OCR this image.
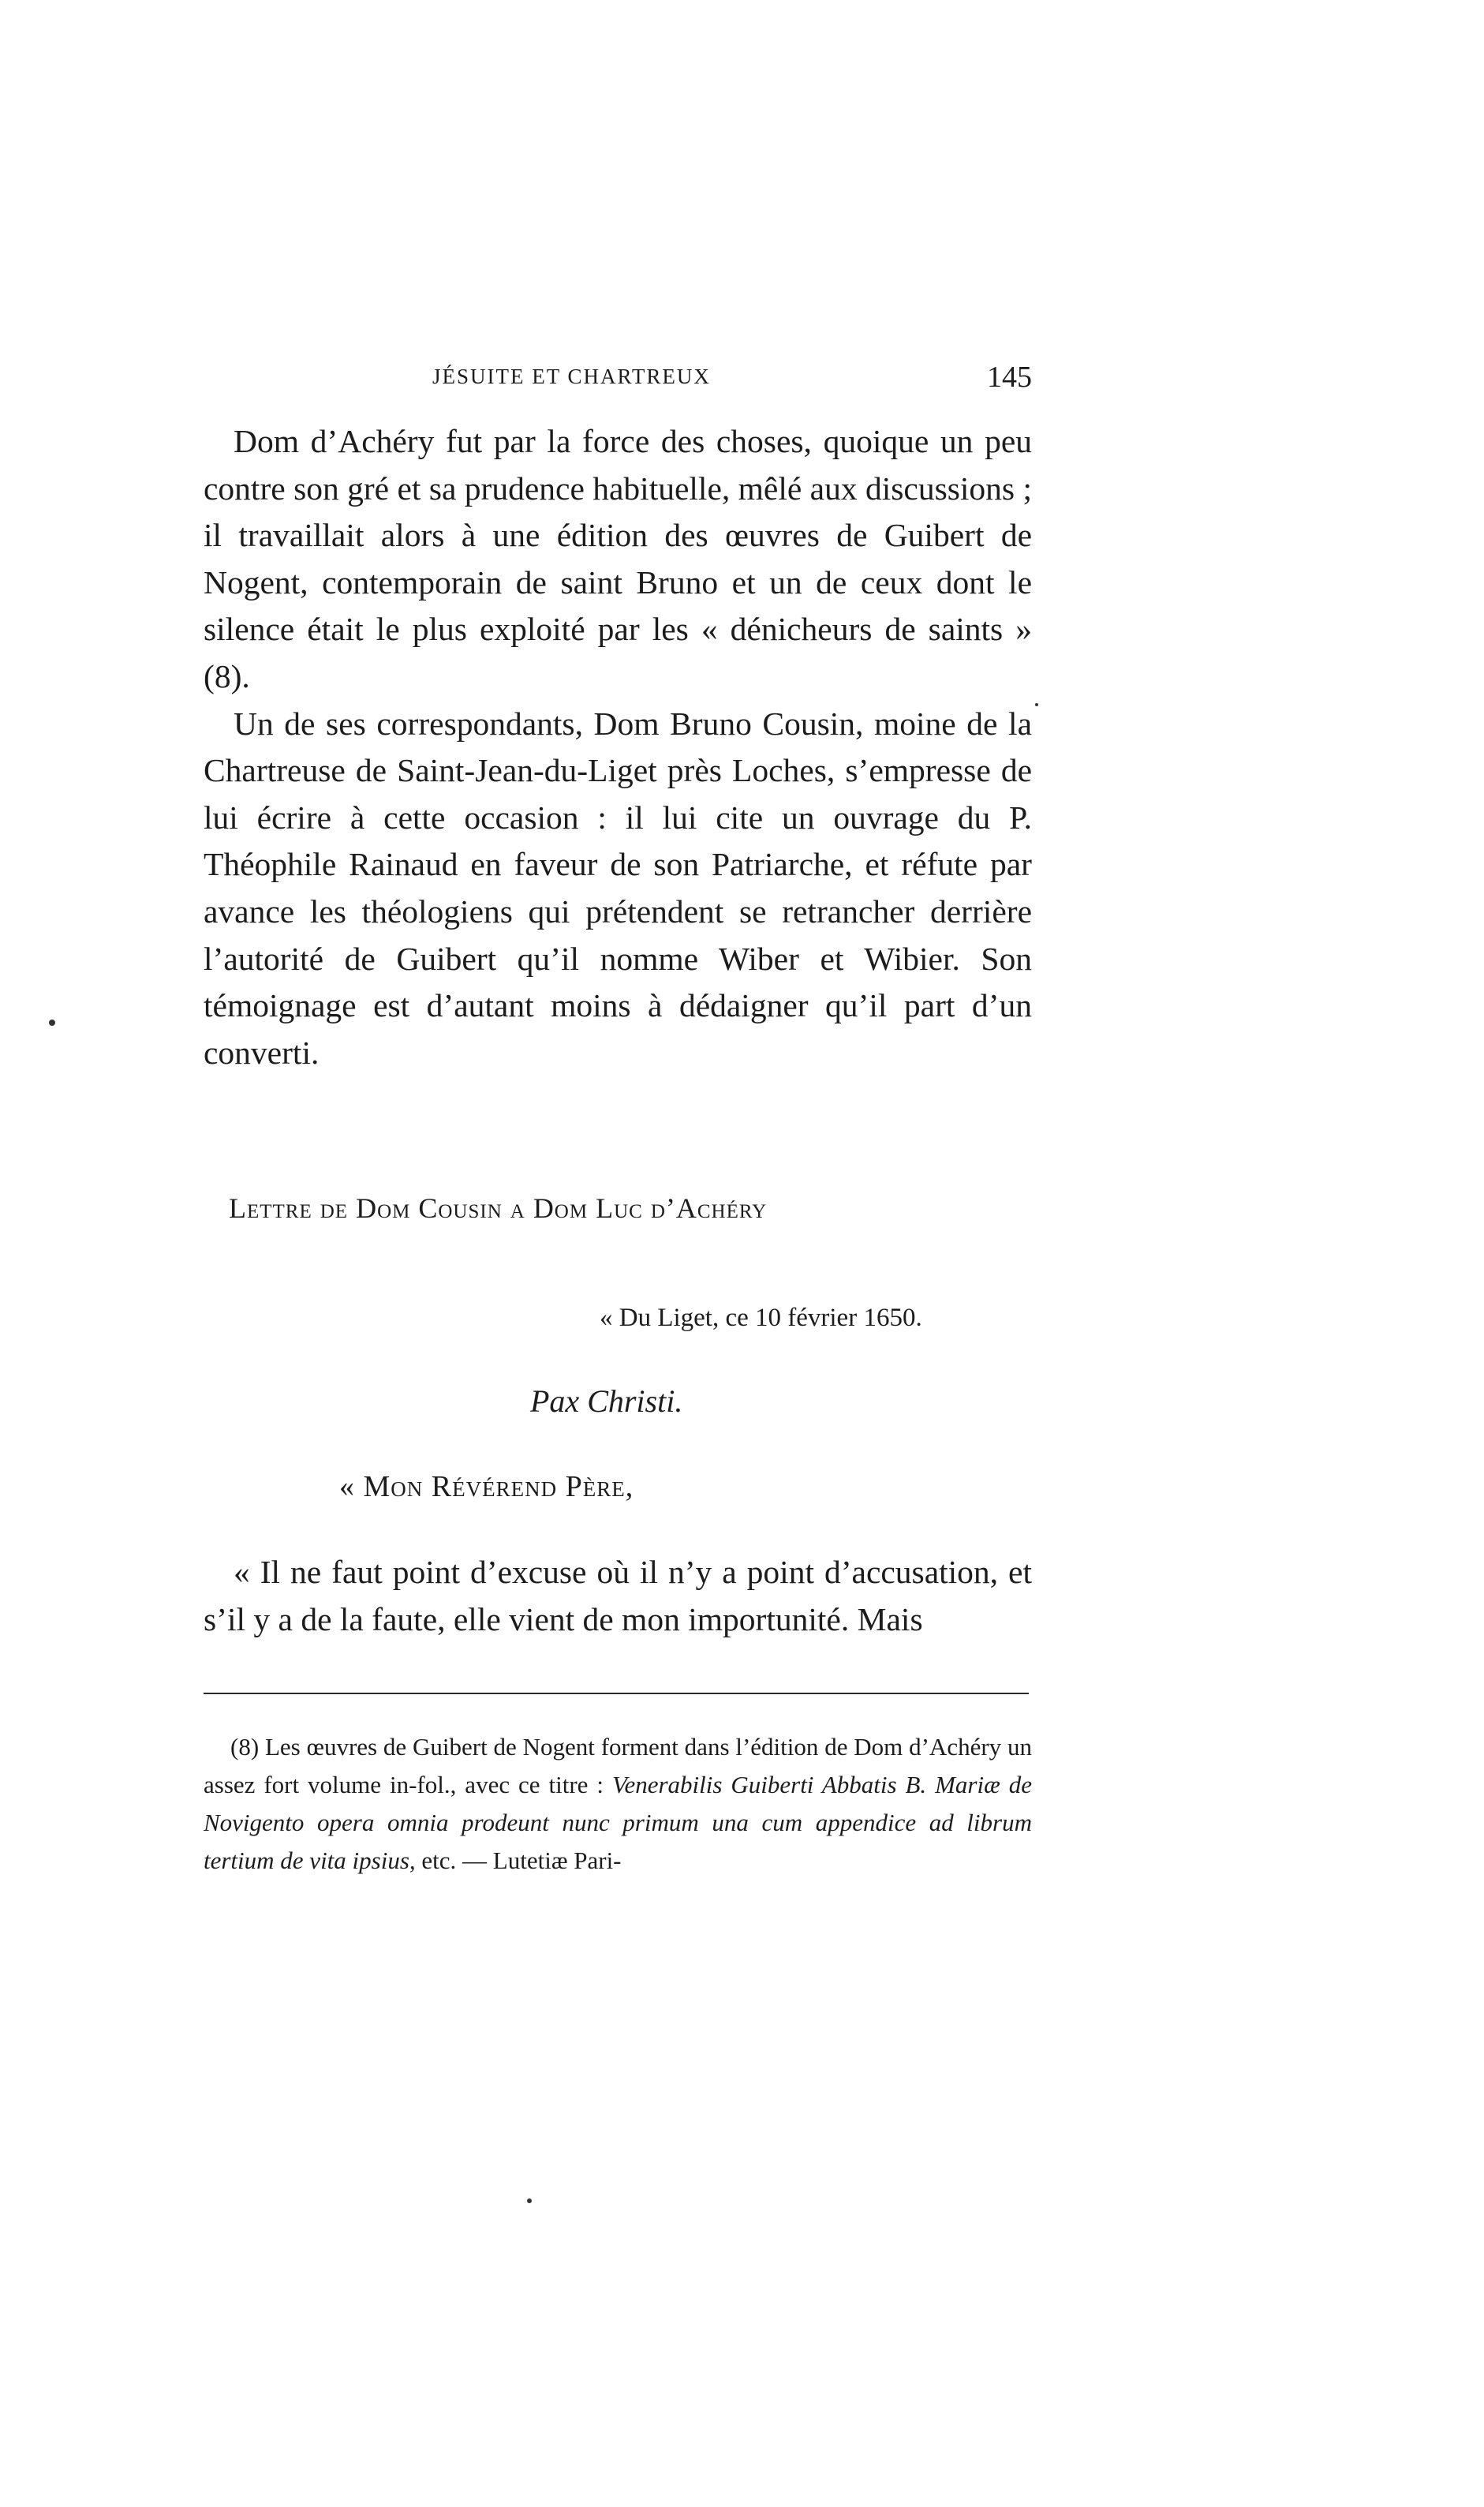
JÉSUITE ET CHARTREUX	145

Dom d’Achéry fut par la force des choses, quoique un peu contre son gré et sa prudence habituelle, mêlé aux discussions ; il travaillait alors à une édition des œuvres de Guibert de Nogent, contemporain de saint Bruno et un de ceux dont le silence était le plus exploité par les « dénicheurs de saints » (8).

Un de ses correspondants, Dom Bruno Cousin, moine de la Chartreuse de Saint-Jean-du-Liget près Loches, s’empresse de lui écrire à cette occasion : il lui cite un ouvrage du P. Théophile Rainaud en faveur de son Patriarche, et réfute par avance les théologiens qui prétendent se retrancher derrière l’autorité de Guibert qu’il nomme Wiber et Wibier. Son témoignage est d’autant moins à dédaigner qu’il part d’un converti.

Lettre de Dom Cousin a Dom Luc d’Achéry
« Du Liget, ce 10 février 1650.
Pax Christi.
« Mon Révérend Père,

« Il ne faut point d’excuse où il n’y a point d’accusation, et s’il y a de la faute, elle vient de mon importunité. Mais

(8) Les œuvres de Guibert de Nogent forment dans l’édition de Dom d’Achéry un assez fort volume in-fol., avec ce titre : Venerabilis Guiberti Abbatis B. Mariæ de Novigento opera omnia prodeunt nunc primum una cum appendice ad librum tertium de vita ipsius, etc. — Lutetiæ Pari-
